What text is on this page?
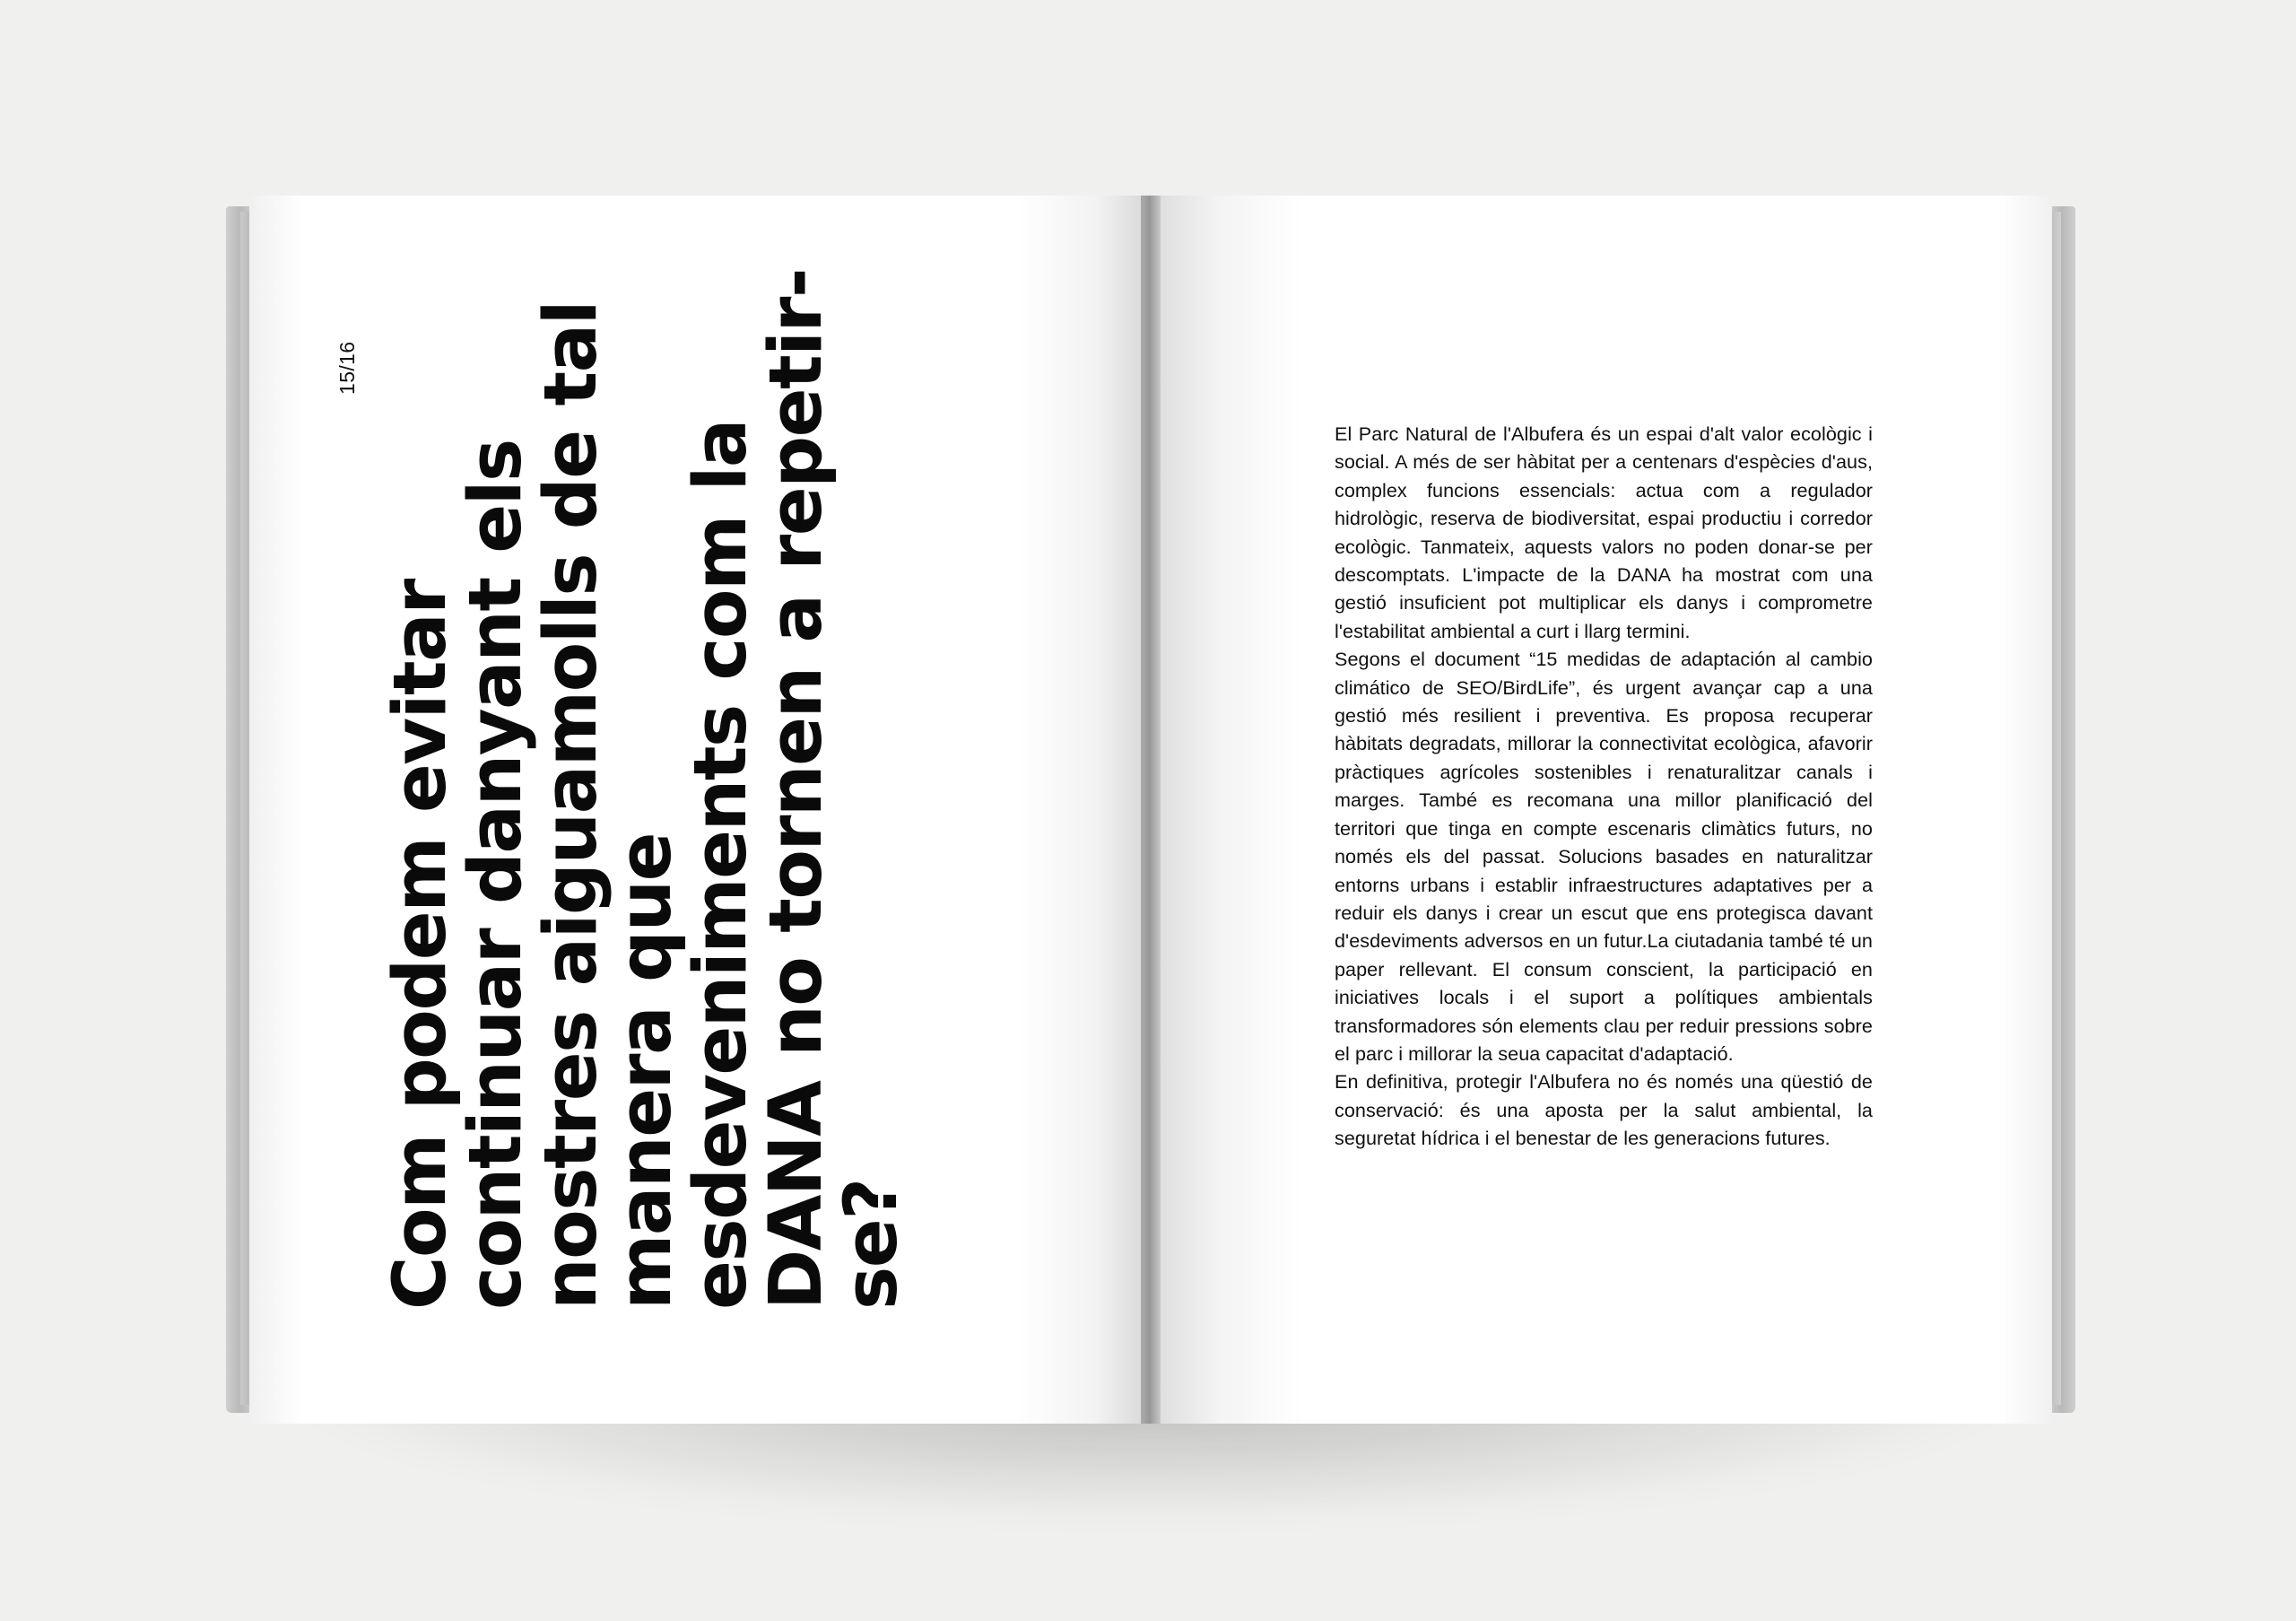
15/16
Com podem evitar continuar danyant els nostres aiguamolls de tal manera que esdeveniments com la DANA no tornen a repetir-se?

El Parc Natural de l'Albufera és un espai d'alt valor ecològic i social. A més de ser hàbitat per a centenars d'espècies d'aus, complex funcions essencials: actua com a regulador hidrològic, reserva de biodiversitat, espai productiu i corredor ecològic. Tanmateix, aquests valors no poden donar-se per descomptats. L'impacte de la DANA ha mostrat com una gestió insuficient pot multiplicar els danys i comprometre l'estabilitat ambiental a curt i llarg termini.

Segons el document “15 medidas de adaptación al cambio climático de SEO/BirdLife”, és urgent avançar cap a una gestió més resilient i preventiva. Es proposa recuperar hàbitats degradats, millorar la connectivitat ecològica, afavorir pràctiques agrícoles sostenibles i renaturalitzar canals i marges. També es recomana una millor planificació del territori que tinga en compte escenaris climàtics futurs, no només els del passat. Solucions basades en naturalitzar entorns urbans i establir infraestructures adaptatives per a reduir els danys i crear un escut que ens protegisca davant d'esdeviments adversos en un futur.La ciutadania també té un paper rellevant. El consum conscient, la participació en iniciatives locals i el suport a polítiques ambientals transformadores són elements clau per reduir pressions sobre el parc i millorar la seua capacitat d'adaptació.

En definitiva, protegir l'Albufera no és només una qüestió de conservació: és una aposta per la salut ambiental, la seguretat hídrica i el benestar de les generacions futures.
